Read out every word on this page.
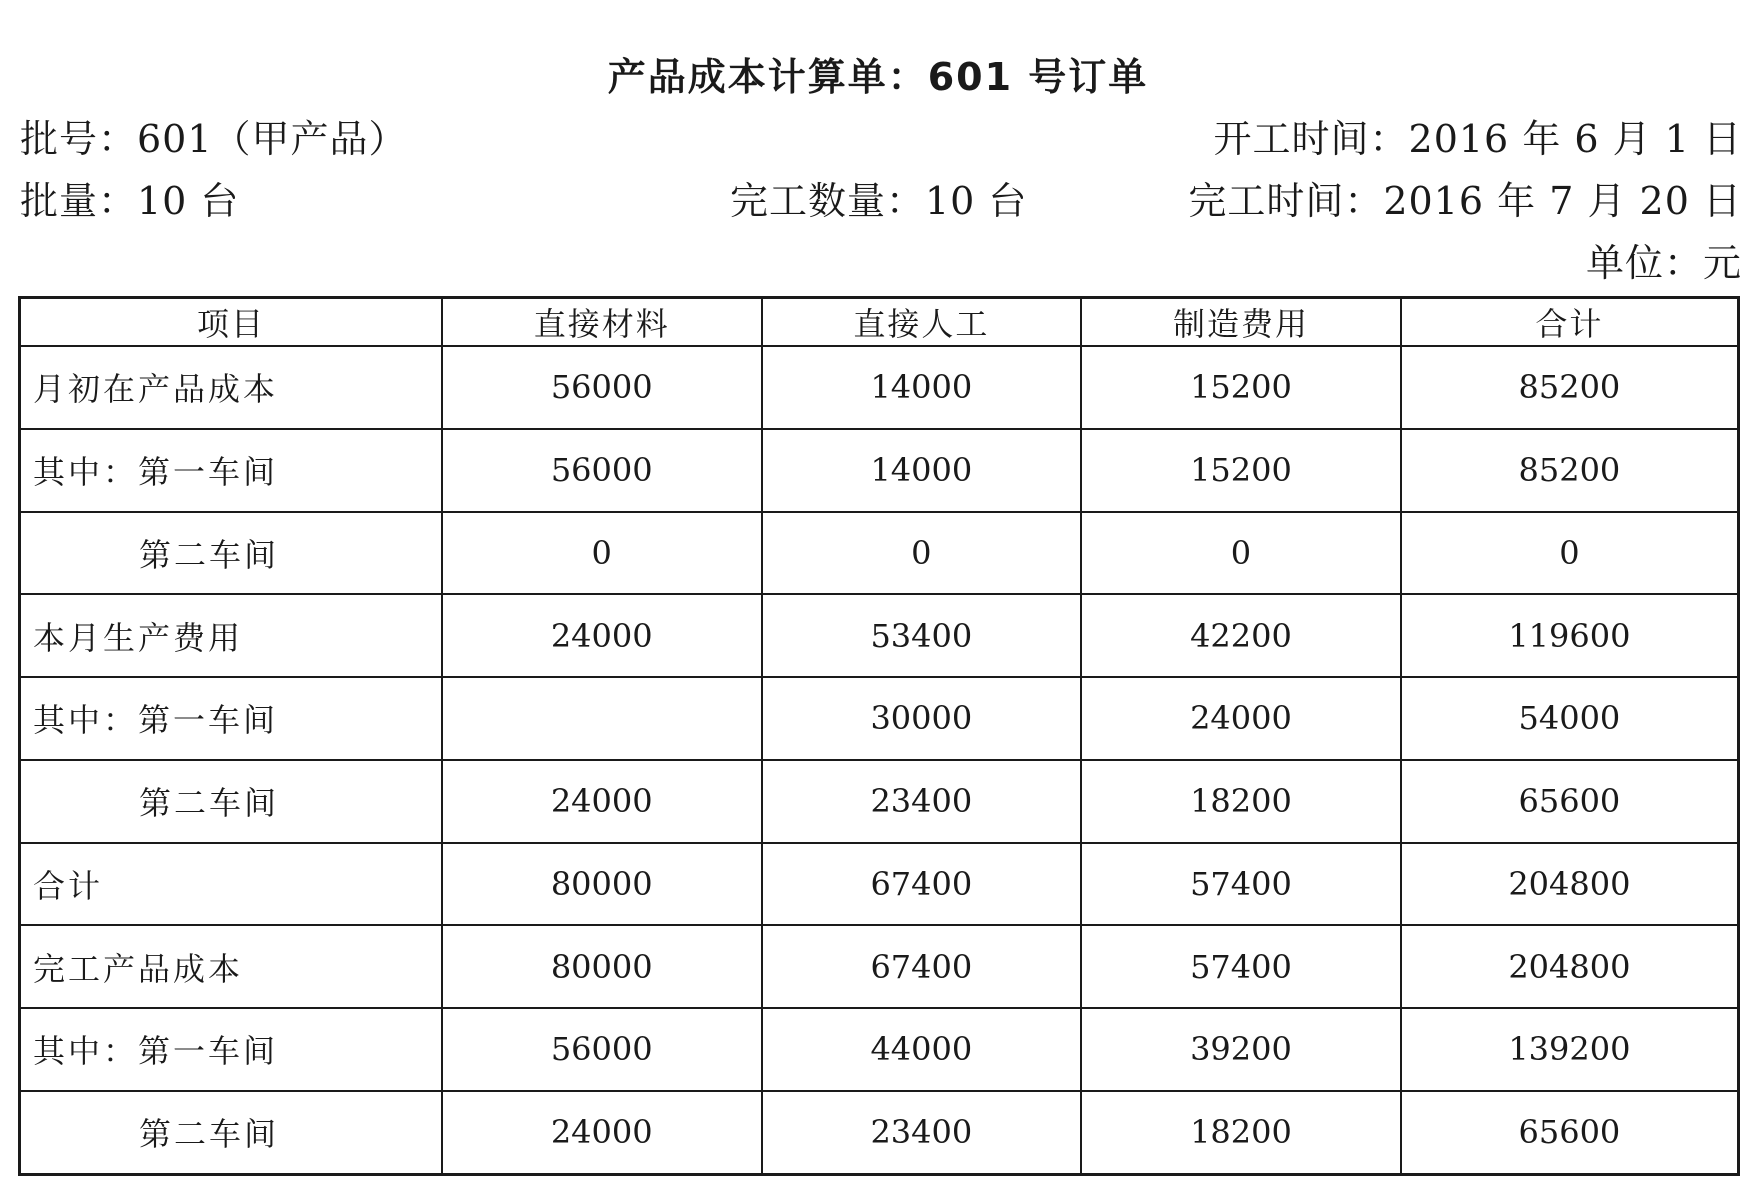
产品成本计算单：601 号订单
批号：601（甲产品）	开工时间：2016 年 6 月 1 日
批量：10 台	完工数量：10 台	完工时间：2016 年 7 月 20 日
单位：元
项目	直接材料	直接人工	制造费用	合计
月初在产品成本	56000	14000	15200	85200
其中：第一车间	56000	14000	15200	85200
第二车间	0	0	0	0
本月生产费用	24000	53400	42200	119600
其中：第一车间		30000	24000	54000
第二车间	24000	23400	18200	65600
合计	80000	67400	57400	204800
完工产品成本	80000	67400	57400	204800
其中：第一车间	56000	44000	39200	139200
第二车间	24000	23400	18200	65600
